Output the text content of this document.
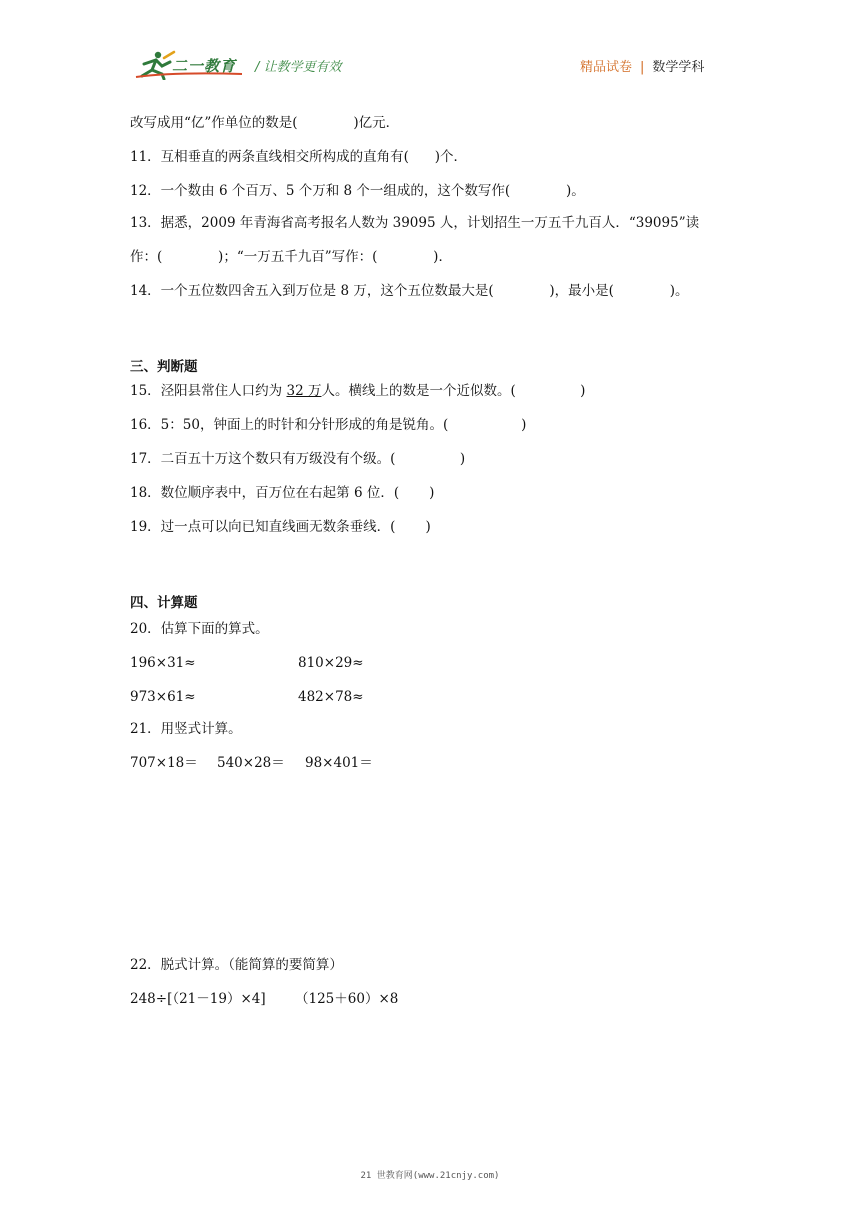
二一教育 / 让教学更有效	精品试卷 | 数学学科
改写成用“亿”作单位的数是(             )亿元．
11．互相垂直的两条直线相交所构成的直角有(      )个．
12．一个数由 6 个百万、5 个万和 8 个一组成的，这个数写作(             )。
13．据悉，2009 年青海省高考报名人数为 39095 人，计划招生一万五千九百人．“39095”读
作：(             )；“一万五千九百”写作：(             )．
14．一个五位数四舍五入到万位是 8 万，这个五位数最大是(             )，最小是(             )。
三、判断题
15．泾阳县常住人口约为 32 万人。横线上的数是一个近似数。(               )
16．5：50，钟面上的时针和分针形成的角是锐角。(                 )
17．二百五十万这个数只有万级没有个级。(               )
18．数位顺序表中，百万位在右起第 6 位．(       )
19．过一点可以向已知直线画无数条垂线．(       )
四、计算题
20．估算下面的算式。
196×31≈	810×29≈
973×61≈	482×78≈
21．用竖式计算。
707×18＝ 540×28＝ 98×401＝
22．脱式计算。（能简算的要简算）
248÷[（21－19）×4] （125＋60）×8
21 世教育网(www.21cnjy.com)
